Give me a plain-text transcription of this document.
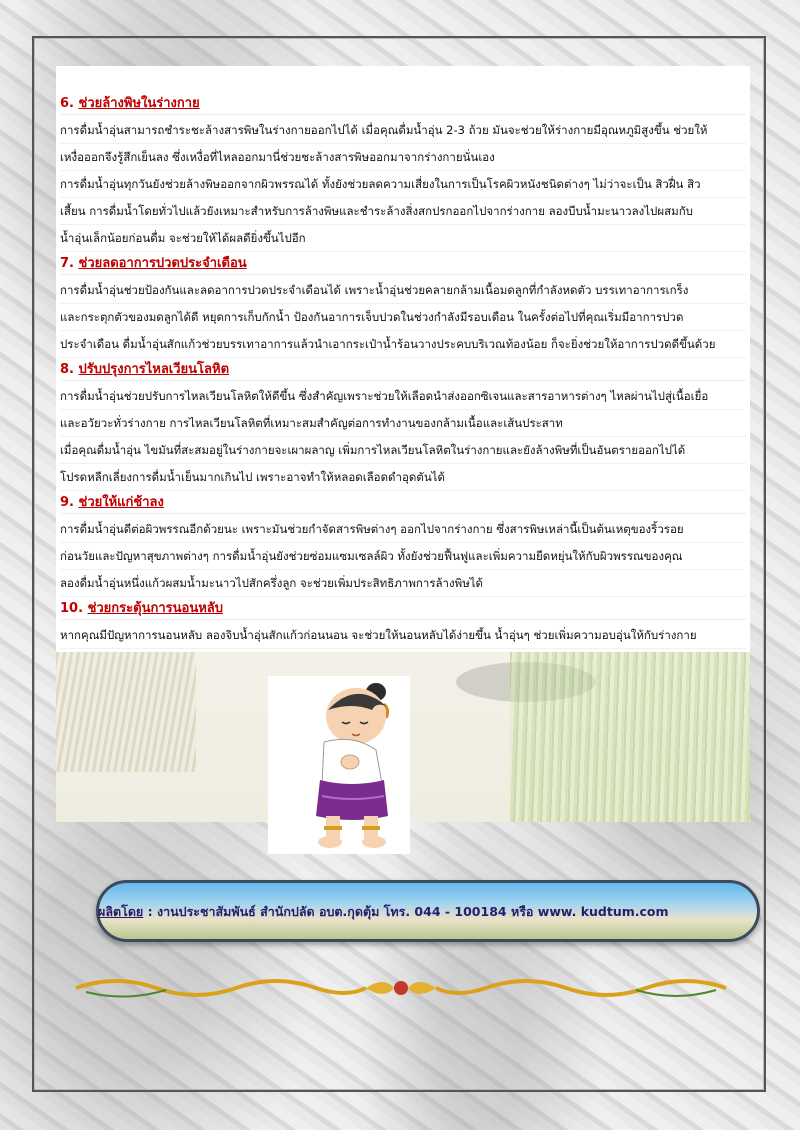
6. ช่วยล้างพิษในร่างกาย
การดื่มน้ำอุ่นสามารถชำระชะล้างสารพิษในร่างกายออกไปได้ เมื่อคุณดื่มน้ำอุ่น 2-3 ถ้วย มันจะช่วยให้ร่างกายมีอุณหภูมิสูงขึ้น ช่วยให้
เหงื่อออกจึงรู้สึกเย็นลง ซึ่งเหงื่อที่ไหลออกมานี่ช่วยชะล้างสารพิษออกมาจากร่างกายนั่นเอง
การดื่มน้ำอุ่นทุกวันยังช่วยล้างพิษออกจากผิวพรรณได้ ทั้งยังช่วยลดความเสี่ยงในการเป็นโรคผิวหนังชนิดต่างๆ ไม่ว่าจะเป็น สิวฝื่น สิว
เสี้ยน การดื่มน้ำโดยทั่วไปแล้วยังเหมาะสำหรับการล้างพิษและชำระล้างสิ่งสกปรกออกไปจากร่างกาย ลองบีบน้ำมะนาวลงไปผสมกับ
น้ำอุ่นเล็กน้อยก่อนดื่ม จะช่วยให้ได้ผลดียิ่งขึ้นไปอีก
7. ช่วยลดอาการปวดประจำเดือน
การดื่มน้ำอุ่นช่วยป้องกันและลดอาการปวดประจำเดือนได้ เพราะน้ำอุ่นช่วยคลายกล้ามเนื้อมดลูกที่กำลังหดตัว บรรเทาอาการเกร็ง
และกระตุกตัวของมดลูกได้ดี หยุดการเก็บกักน้ำ ป้องกันอาการเจ็บปวดในช่วงกำลังมีรอบเดือน ในครั้งต่อไปที่คุณเริ่มมีอาการปวด
ประจำเดือน ดื่มน้ำอุ่นสักแก้วช่วยบรรเทาอาการแล้วนำเอากระเป๋าน้ำร้อนวางประคบบริเวณท้องน้อย ก็จะยิ่งช่วยให้อาการปวดดีขึ้นด้วย
8. ปรับปรุงการไหลเวียนโลหิต
การดื่มน้ำอุ่นช่วยปรับการไหลเวียนโลหิตให้ดีขึ้น ซึ่งสำคัญเพราะช่วยให้เลือดนำส่งออกซิเจนและสารอาหารต่างๆ ไหลผ่านไปสู่เนื้อเยื่อ
และอวัยวะทั่วร่างกาย การไหลเวียนโลหิตที่เหมาะสมสำคัญต่อการทำงานของกล้ามเนื้อและเส้นประสาท
เมื่อคุณดื่มน้ำอุ่น ไขมันที่สะสมอยู่ในร่างกายจะเผาผลาญ เพิ่มการไหลเวียนโลหิตในร่างกายและยังล้างพิษที่เป็นอันตรายออกไปได้
โปรดหลีกเลี่ยงการดื่มน้ำเย็นมากเกินไป เพราะอาจทำให้หลอดเลือดดำอุดตันได้
9. ช่วยให้แก่ช้าลง
การดื่มน้ำอุ่นดีต่อผิวพรรณอีกด้วยนะ เพราะมันช่วยกำจัดสารพิษต่างๆ ออกไปจากร่างกาย ซึ่งสารพิษเหล่านี้เป็นต้นเหตุของริ้วรอย
ก่อนวัยและปัญหาสุขภาพต่างๆ การดื่มน้ำอุ่นยังช่วยซ่อมแซมเซลล์ผิว ทั้งยังช่วยฟื้นฟูและเพิ่มความยืดหยุ่นให้กับผิวพรรณของคุณ
ลองดื่มน้ำอุ่นหนึ่งแก้วผสมน้ำมะนาวไปสักครึ่งลูก จะช่วยเพิ่มประสิทธิภาพการล้างพิษได้
10. ช่วยกระตุ้นการนอนหลับ
หากคุณมีปัญหาการนอนหลับ ลองจิบน้ำอุ่นสักแก้วก่อนนอน จะช่วยให้นอนหลับได้ง่ายขึ้น น้ำอุ่นๆ ช่วยเพิ่มความอบอุ่นให้กับร่างกาย
ผลิตโดย : งานประชาสัมพันธ์ สำนักปลัด อบต.กุดตุ้ม โทร. 044 - 100184 หรือ www. kudtum.com
